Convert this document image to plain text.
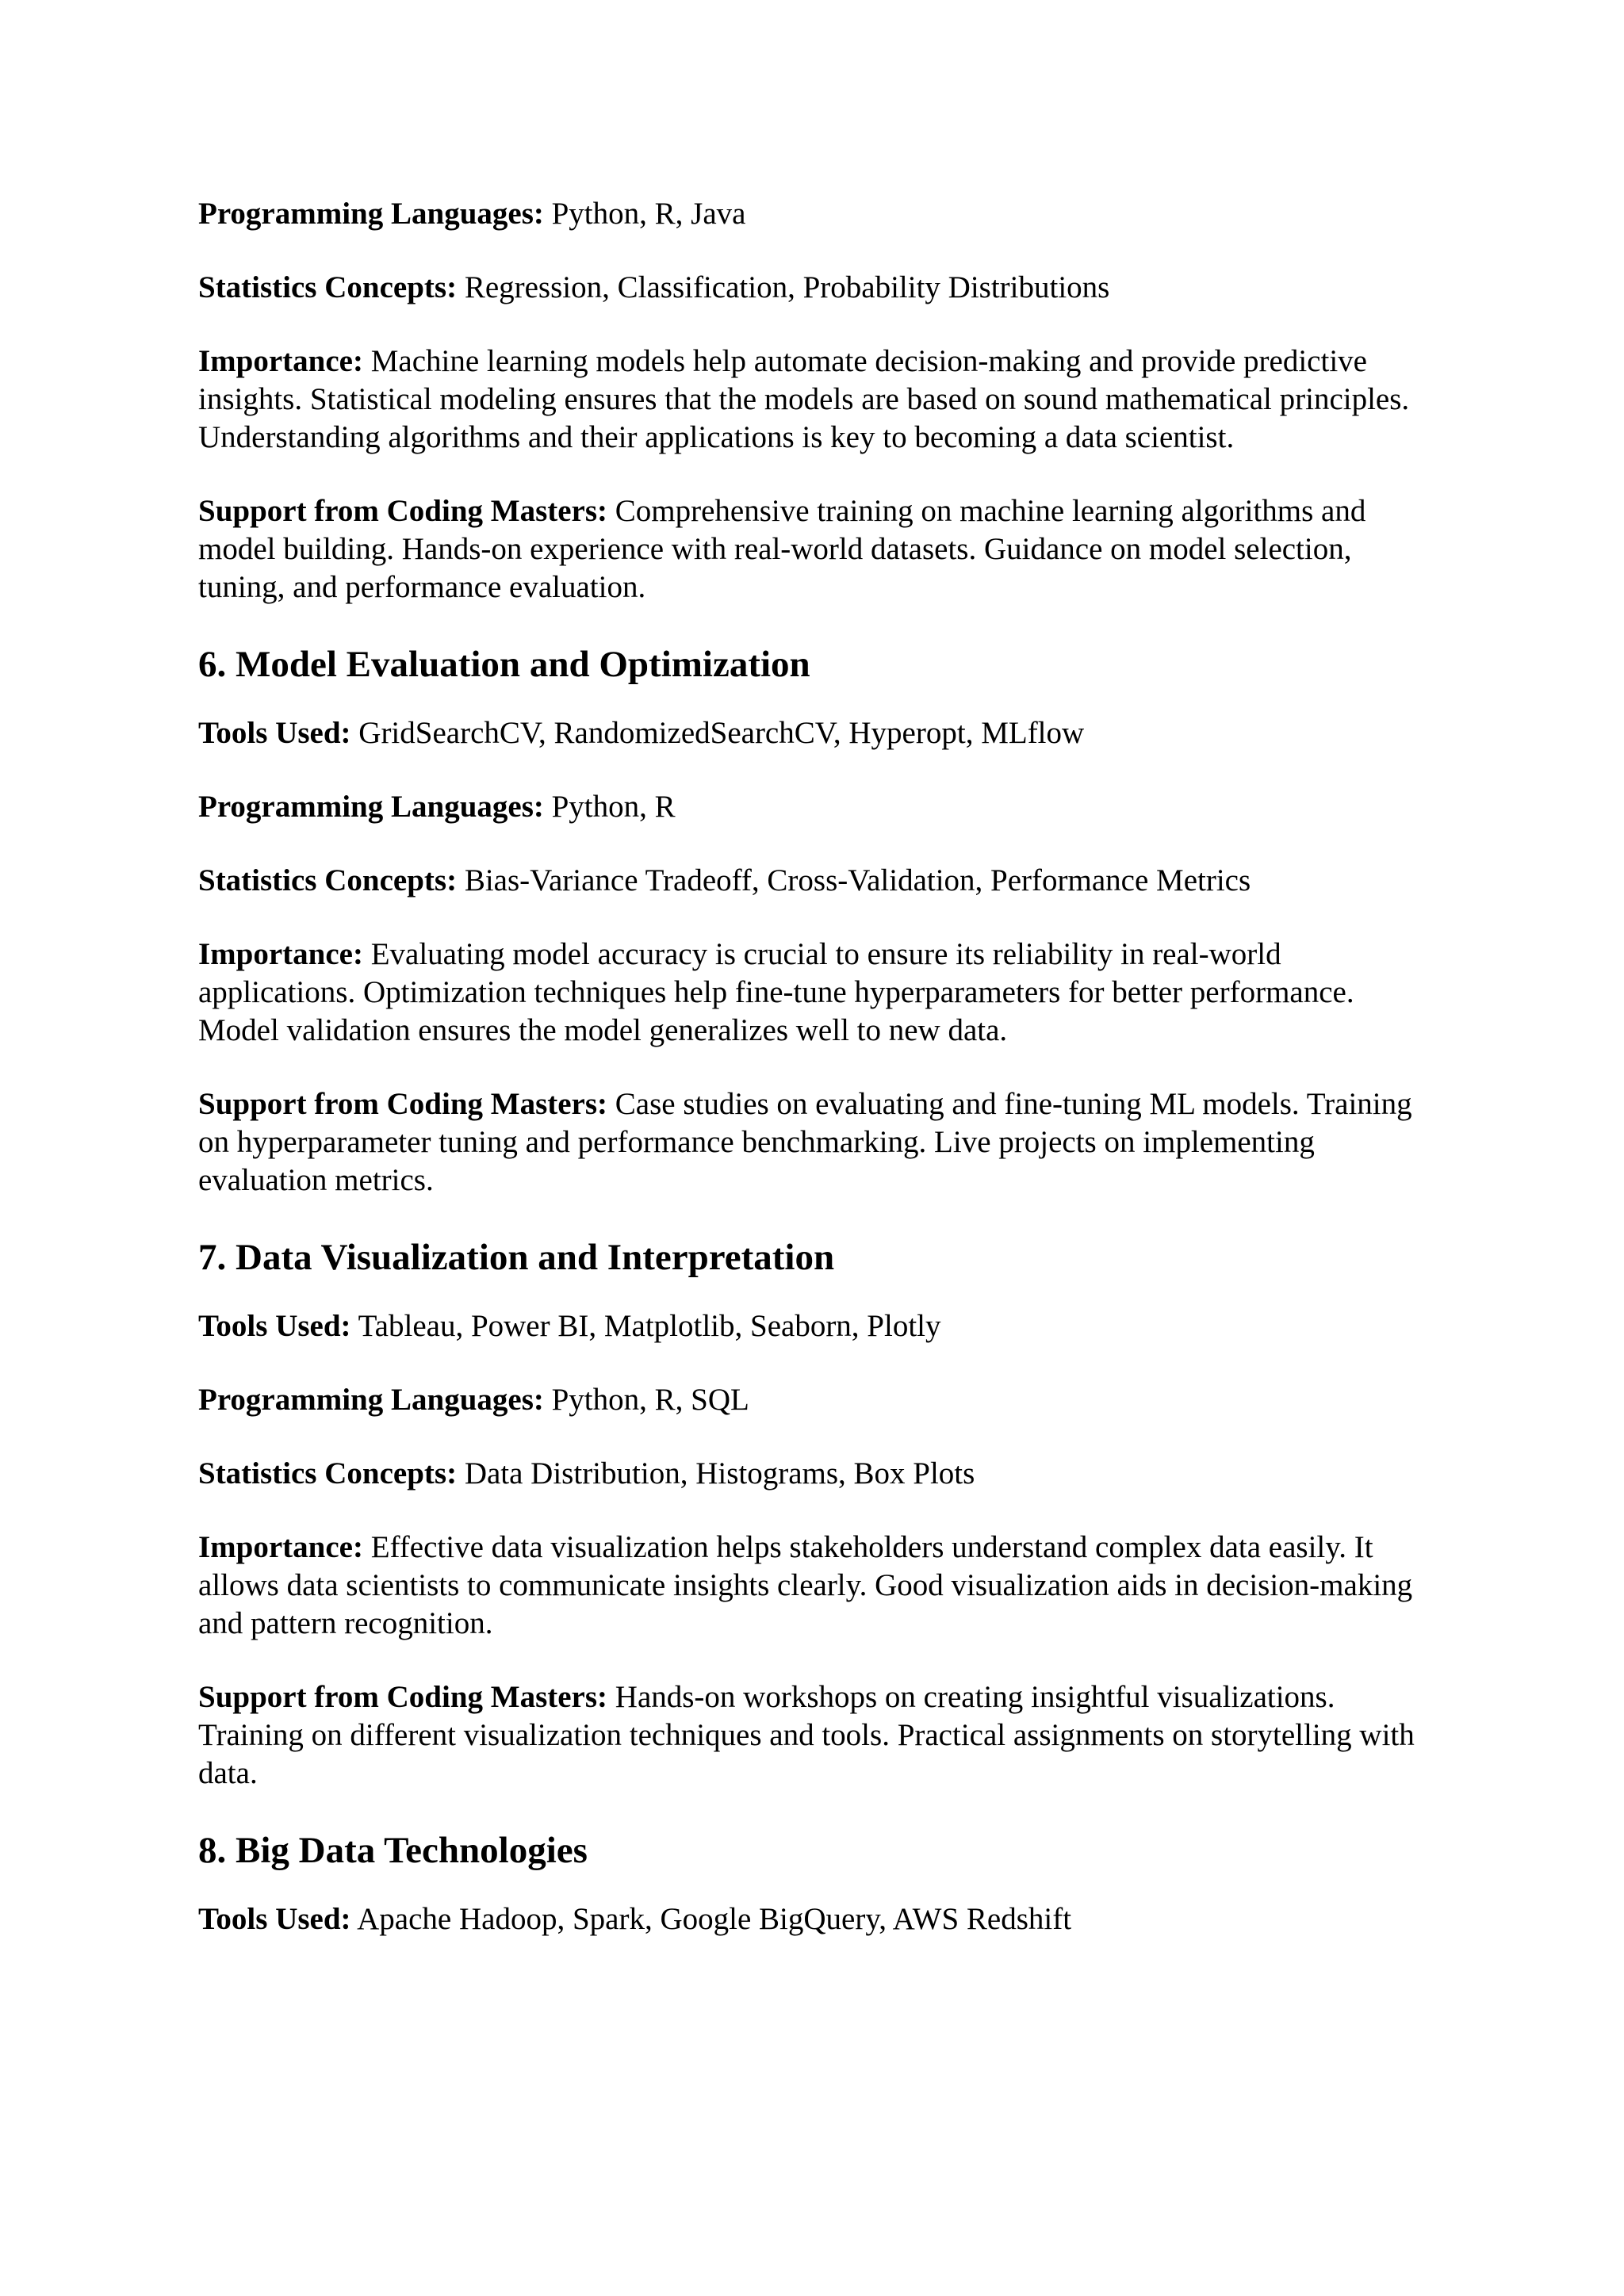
Programming Languages: Python, R, Java

Statistics Concepts: Regression, Classification, Probability Distributions

Importance: Machine learning models help automate decision-making and provide predictive insights. Statistical modeling ensures that the models are based on sound mathematical principles. Understanding algorithms and their applications is key to becoming a data scientist.

Support from Coding Masters: Comprehensive training on machine learning algorithms and model building. Hands-on experience with real-world datasets. Guidance on model selection, tuning, and performance evaluation.

6. Model Evaluation and Optimization

Tools Used: GridSearchCV, RandomizedSearchCV, Hyperopt, MLflow

Programming Languages: Python, R

Statistics Concepts: Bias-Variance Tradeoff, Cross-Validation, Performance Metrics

Importance: Evaluating model accuracy is crucial to ensure its reliability in real-world applications. Optimization techniques help fine-tune hyperparameters for better performance. Model validation ensures the model generalizes well to new data.

Support from Coding Masters: Case studies on evaluating and fine-tuning ML models. Training on hyperparameter tuning and performance benchmarking. Live projects on implementing evaluation metrics.

7. Data Visualization and Interpretation

Tools Used: Tableau, Power BI, Matplotlib, Seaborn, Plotly

Programming Languages: Python, R, SQL

Statistics Concepts: Data Distribution, Histograms, Box Plots

Importance: Effective data visualization helps stakeholders understand complex data easily. It allows data scientists to communicate insights clearly. Good visualization aids in decision-making and pattern recognition.

Support from Coding Masters: Hands-on workshops on creating insightful visualizations. Training on different visualization techniques and tools. Practical assignments on storytelling with data.

8. Big Data Technologies

Tools Used: Apache Hadoop, Spark, Google BigQuery, AWS Redshift
